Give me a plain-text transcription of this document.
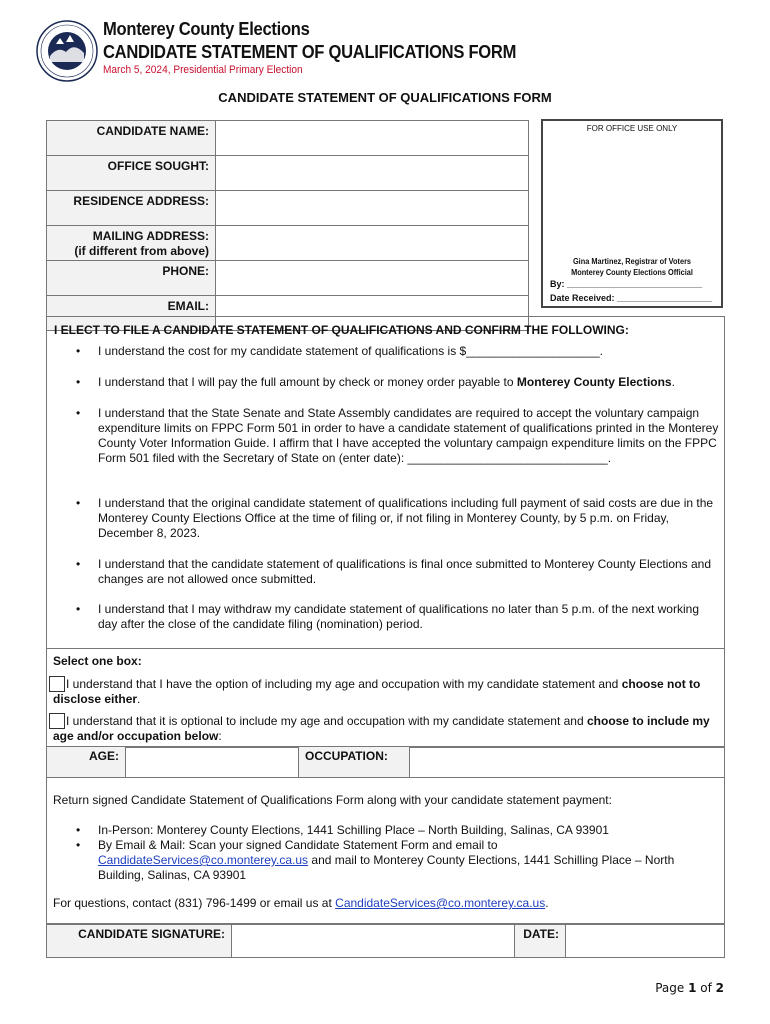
Monterey County Elections
CANDIDATE STATEMENT OF QUALIFICATIONS FORM
March 5, 2024, Presidential Primary Election
CANDIDATE STATEMENT OF QUALIFICATIONS FORM
CANDIDATE NAME:	
OFFICE SOUGHT:	
RESIDENCE ADDRESS:	

MAILING ADDRESS:
(if different from above)	

PHONE:	
EMAIL:	
FOR OFFICE USE ONLY
Gina Martinez, Registrar of Voters
Monterey County Elections Official
By: ___________________________
Date Received: ___________________
I ELECT TO FILE A CANDIDATE STATEMENT OF QUALIFICATIONS AND CONFIRM THE FOLLOWING:
• I understand the cost for my candidate statement of qualifications is $____________________.
• I understand that I will pay the full amount by check or money order payable to Monterey County Elections.
• I understand that the State Senate and State Assembly candidates are required to accept the voluntary campaign expenditure limits on FPPC Form 501 in order to have a candidate statement of qualifications printed in the Monterey County Voter Information Guide. I affirm that I have accepted the voluntary campaign expenditure limits on the FPPC Form 501 filed with the Secretary of State on (enter date): ______________________________.
• I understand that the original candidate statement of qualifications including full payment of said costs are due in the Monterey County Elections Office at the time of filing or, if not filing in Monterey County, by 5 p.m. on Friday, December 8, 2023.
• I understand that the candidate statement of qualifications is final once submitted to Monterey County Elections and changes are not allowed once submitted.
• I understand that I may withdraw my candidate statement of qualifications no later than 5 p.m. of the next working day after the close of the candidate filing (nomination) period.
Select one box:
I understand that I have the option of including my age and occupation with my candidate statement and choose not to disclose either.
I understand that it is optional to include my age and occupation with my candidate statement and choose to include my age and/or occupation below:
AGE:		OCCUPATION:	
Return signed Candidate Statement of Qualifications Form along with your candidate statement payment:
• In-Person: Monterey County Elections, 1441 Schilling Place – North Building, Salinas, CA 93901
• By Email & Mail: Scan your signed Candidate Statement Form and email to
CandidateServices@co.monterey.ca.us and mail to Monterey County Elections, 1441 Schilling Place – North Building, Salinas, CA 93901
For questions, contact (831) 796-1499 or email us at CandidateServices@co.monterey.ca.us.
CANDIDATE SIGNATURE:		DATE:	
Page 1 of 2
